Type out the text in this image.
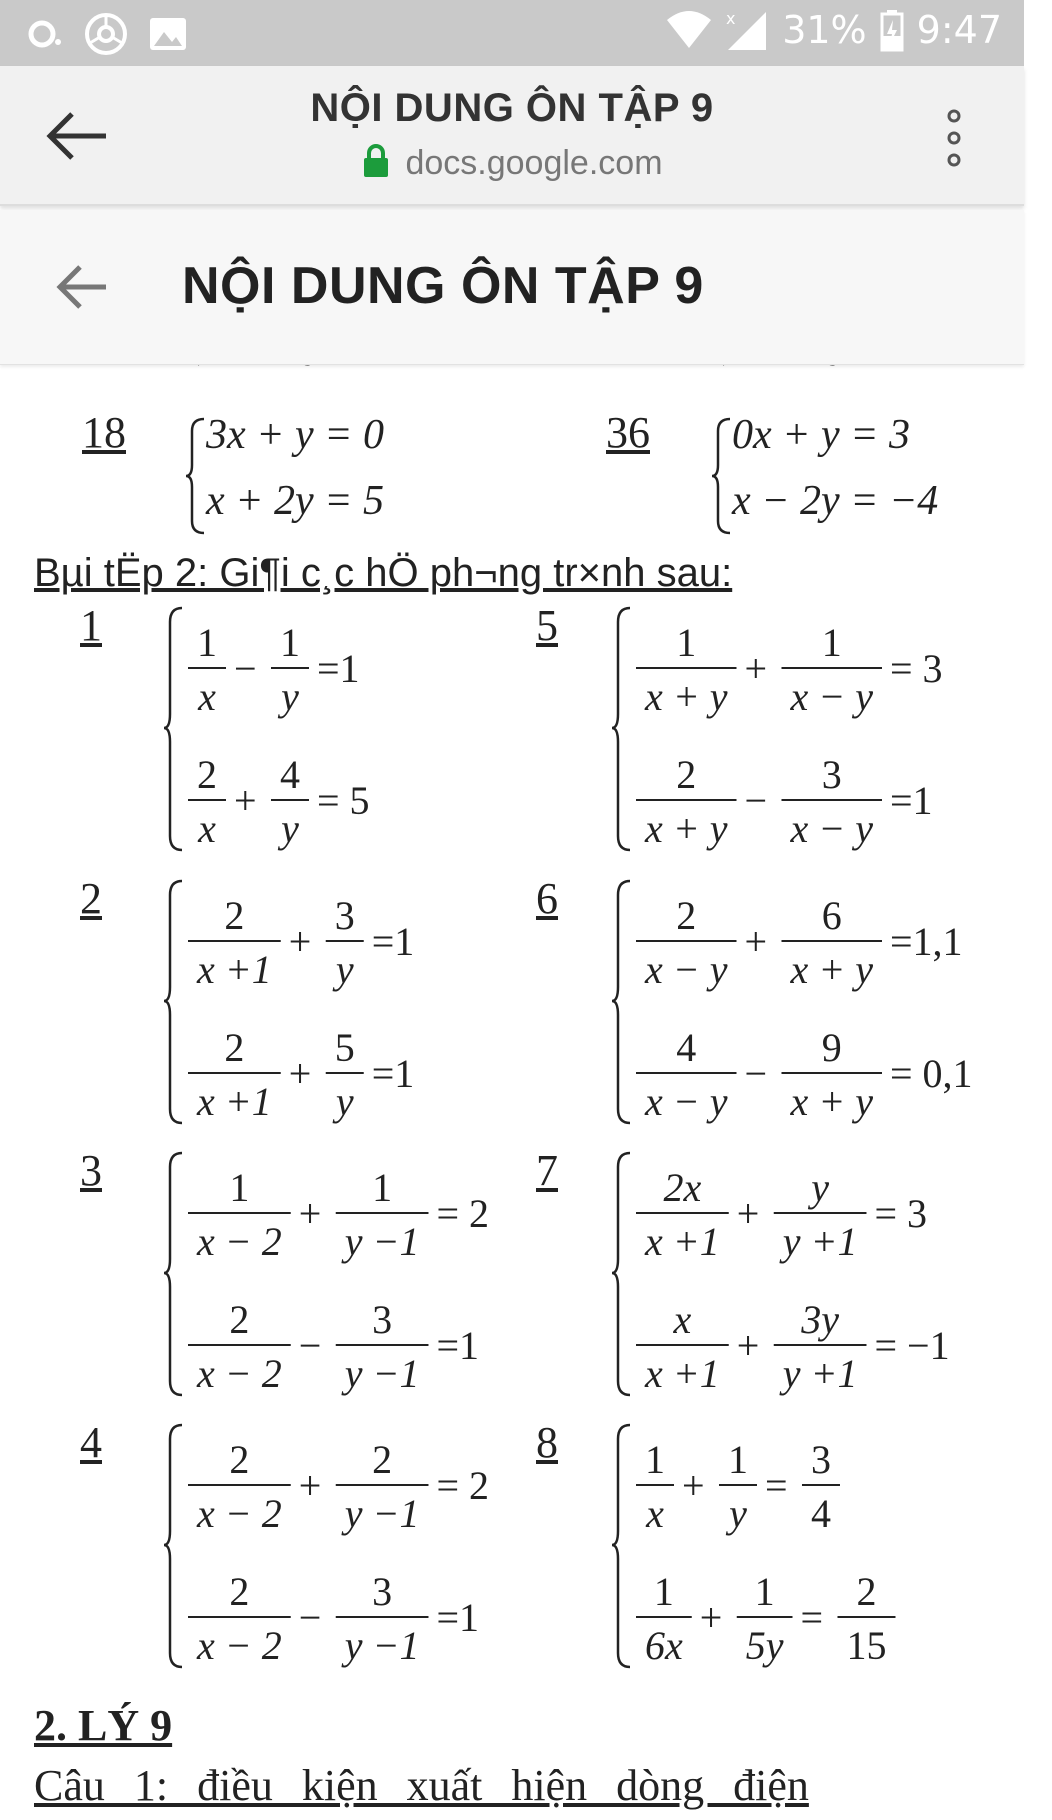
x 31% 9:47
NỘI DUNG ÔN TẬP 9
docs.google.com
NỘI DUNG ÔN TẬP 9
18 3x + y = 0
x + 2y = 5
36 0x + y = 3
x − 2y = −4
Bµi tËp 2: Gi¶i c¸c hÖ ph¬ng tr×nh sau:
1 1
x
−
1
y
=1
2
x
+
4
y
= 5
5	1
x + y
+
1
x − y
= 3
2
x + y
−
3
x − y
=1
2	2
x +1
+
3
y
=1
2
x +1
+
5
y
=1
6	2
x − y
+
6
x + y
=1,1
4
x − y
−
9
x + y
= 0,1
3	1
x − 2
+
1
y −1
= 2
2
x − 2
−
3
y −1
=1
7	2x
x +1
+
y
y +1
= 3
x
x +1
+
3y
y +1
= −1
4	2
x − 2
+
2
y −1
= 2
2
x − 2
−
3
y −1
=1
8 1
x
+
1
y
=
3
4
1
6x
+
1
5y
=
2
15
2. LÝ 9
Câu 1: điều kiện xuất hiện dòng điện
